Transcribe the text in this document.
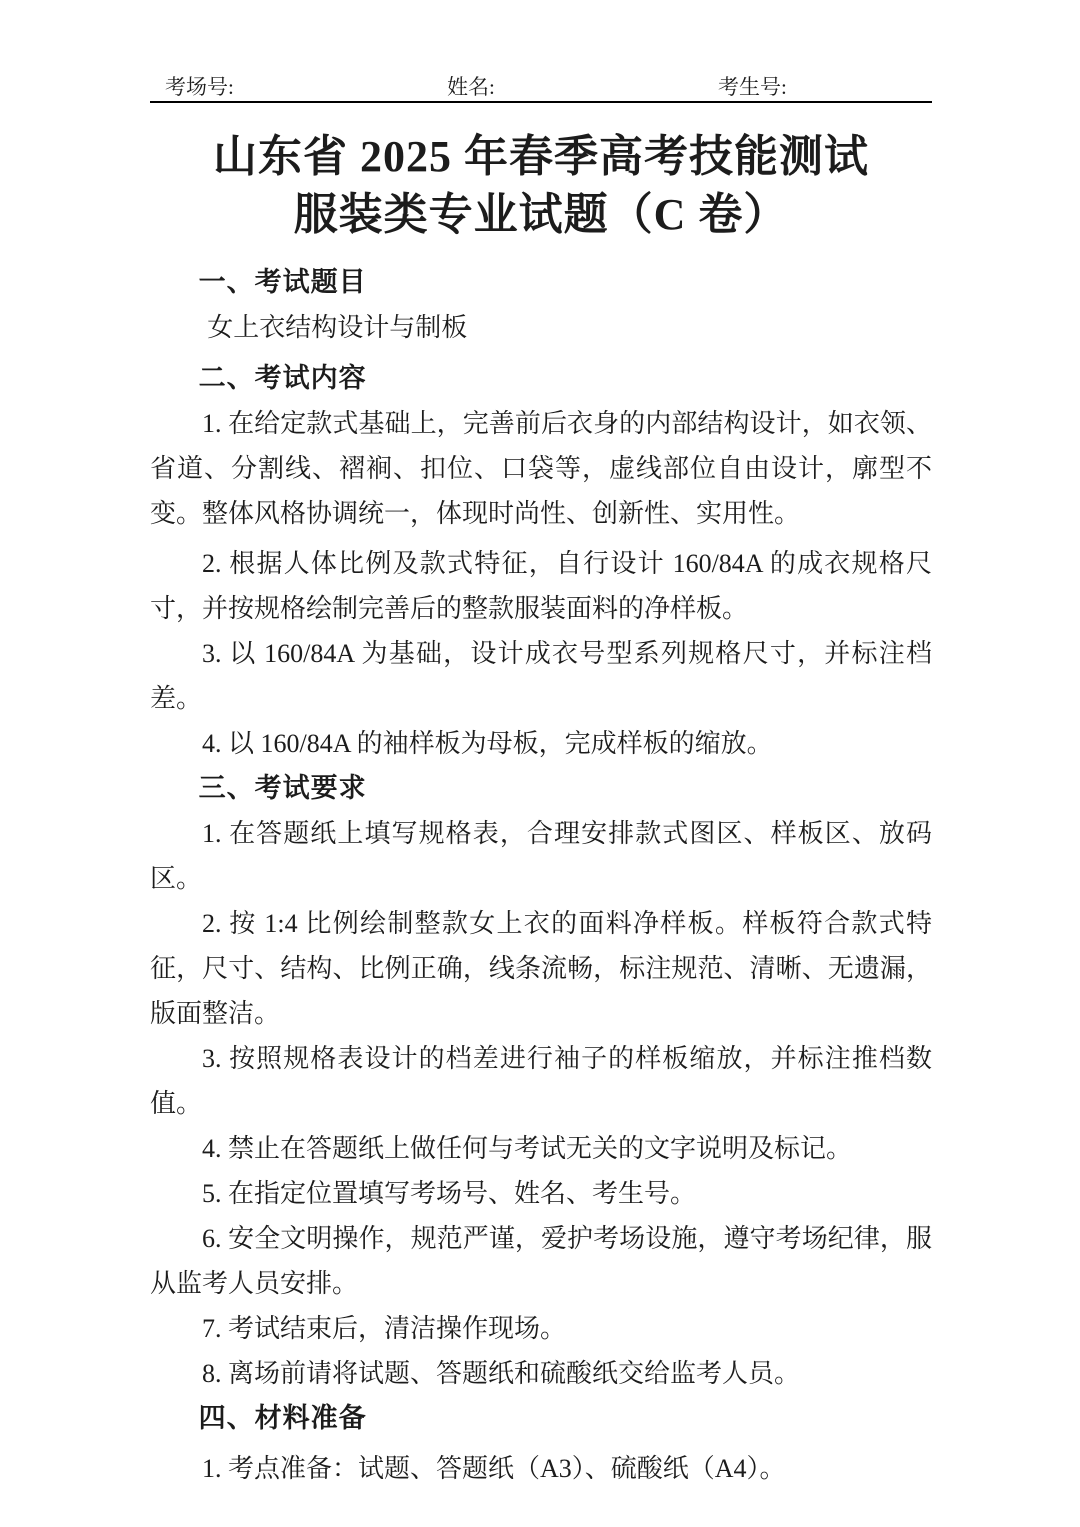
考场号:	姓名:	考生号:
山东省 2025 年春季高考技能测试
服装类专业试题（C 卷）
一、考试题目

女上衣结构设计与制板

二、考试内容

1. 在给定款式基础上，完善前后衣身的内部结构设计，如衣领、省道、分割线、褶裥、扣位、口袋等，虚线部位自由设计，廓型不变。整体风格协调统一，体现时尚性、创新性、实用性。

2. 根据人体比例及款式特征，自行设计 160/84A 的成衣规格尺寸，并按规格绘制完善后的整款服装面料的净样板。

3. 以 160/84A 为基础，设计成衣号型系列规格尺寸，并标注档差。

4. 以 160/84A 的袖样板为母板，完成样板的缩放。

三、考试要求

1. 在答题纸上填写规格表，合理安排款式图区、样板区、放码区。

2. 按 1:4 比例绘制整款女上衣的面料净样板。样板符合款式特征，尺寸、结构、比例正确，线条流畅，标注规范、清晰、无遗漏，版面整洁。

3. 按照规格表设计的档差进行袖子的样板缩放，并标注推档数值。

4. 禁止在答题纸上做任何与考试无关的文字说明及标记。

5. 在指定位置填写考场号、姓名、考生号。

6. 安全文明操作，规范严谨，爱护考场设施，遵守考场纪律，服从监考人员安排。

7. 考试结束后，清洁操作现场。

8. 离场前请将试题、答题纸和硫酸纸交给监考人员。

四、材料准备

1. 考点准备：试题、答题纸（A3）、硫酸纸（A4）。
